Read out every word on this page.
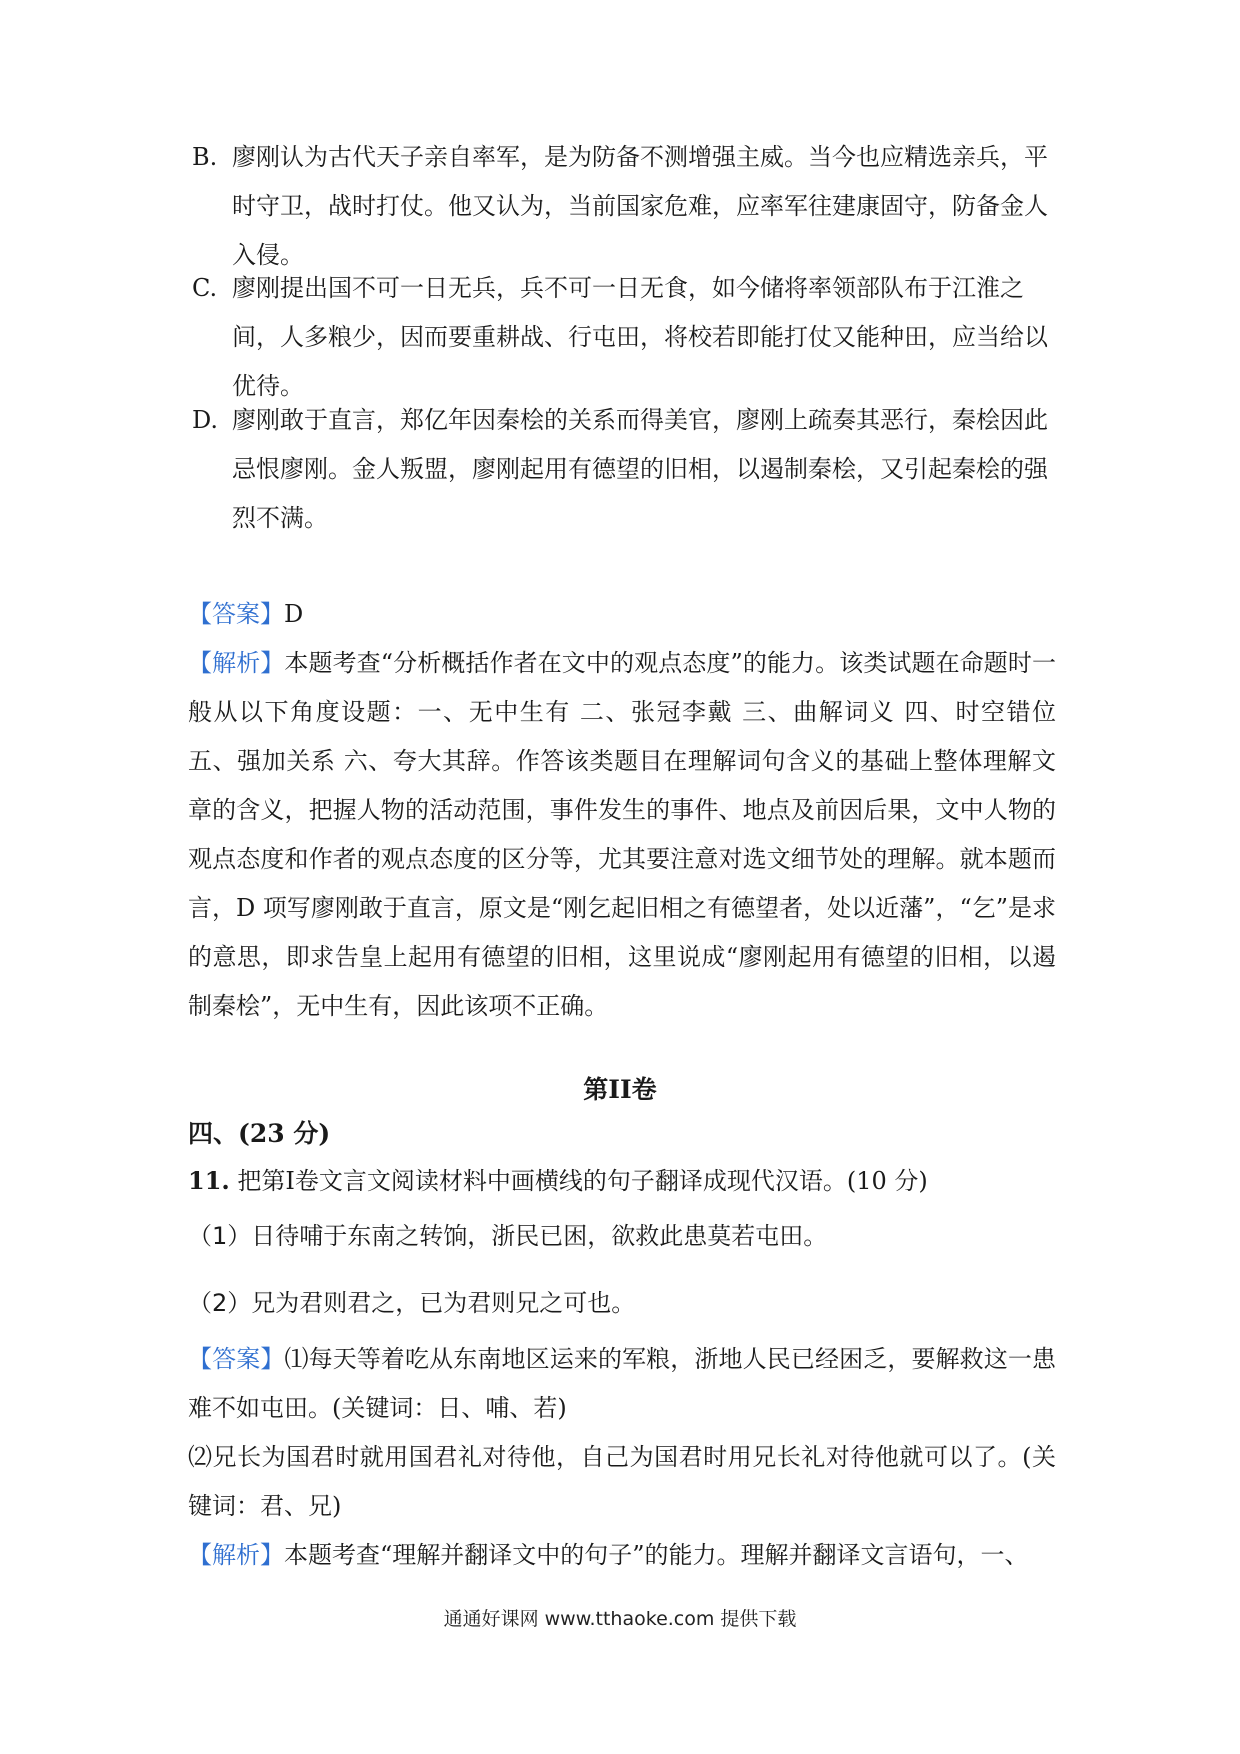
B. 廖刚认为古代天子亲自率军，是为防备不测增强主威。当今也应精选亲兵，平时守卫，战时打仗。他又认为，当前国家危难，应率军往建康固守，防备金人入侵。
C. 廖刚提出国不可一日无兵，兵不可一日无食，如今储将率领部队布于江淮之间，人多粮少，因而要重耕战、行屯田，将校若即能打仗又能种田，应当给以优待。
D. 廖刚敢于直言，郑亿年因秦桧的关系而得美官，廖刚上疏奏其恶行，秦桧因此忌恨廖刚。金人叛盟，廖刚起用有德望的旧相，以遏制秦桧，又引起秦桧的强烈不满。
【答案】D
【解析】本题考查“分析概括作者在文中的观点态度”的能力。该类试题在命题时一般从以下角度设题：一、无中生有 二、张冠李戴 三、曲解词义 四、时空错位　五、强加关系 六、夸大其辞。作答该类题目在理解词句含义的基础上整体理解文章的含义，把握人物的活动范围，事件发生的事件、地点及前因后果，文中人物的观点态度和作者的观点态度的区分等，尤其要注意对选文细节处的理解。就本题而言，D 项写廖刚敢于直言，原文是“刚乞起旧相之有德望者，处以近藩”，“乞”是求的意思，即求告皇上起用有德望的旧相，这里说成“廖刚起用有德望的旧相，以遏制秦桧”，无中生有，因此该项不正确。
第II卷
四、(23 分)
11. 把第I卷文言文阅读材料中画横线的句子翻译成现代汉语。(10 分)
（1）日待哺于东南之转饷，浙民已困，欲救此患莫若屯田。
（2）兄为君则君之，已为君则兄之可也。
【答案】⑴每天等着吃从东南地区运来的军粮，浙地人民已经困乏，要解救这一患难不如屯田。(关键词：日、哺、若)
⑵兄长为国君时就用国君礼对待他，自己为国君时用兄长礼对待他就可以了。(关键词：君、兄)
【解析】本题考查“理解并翻译文中的句子”的能力。理解并翻译文言语句，一、
通通好课网 www.tthaoke.com 提供下载
